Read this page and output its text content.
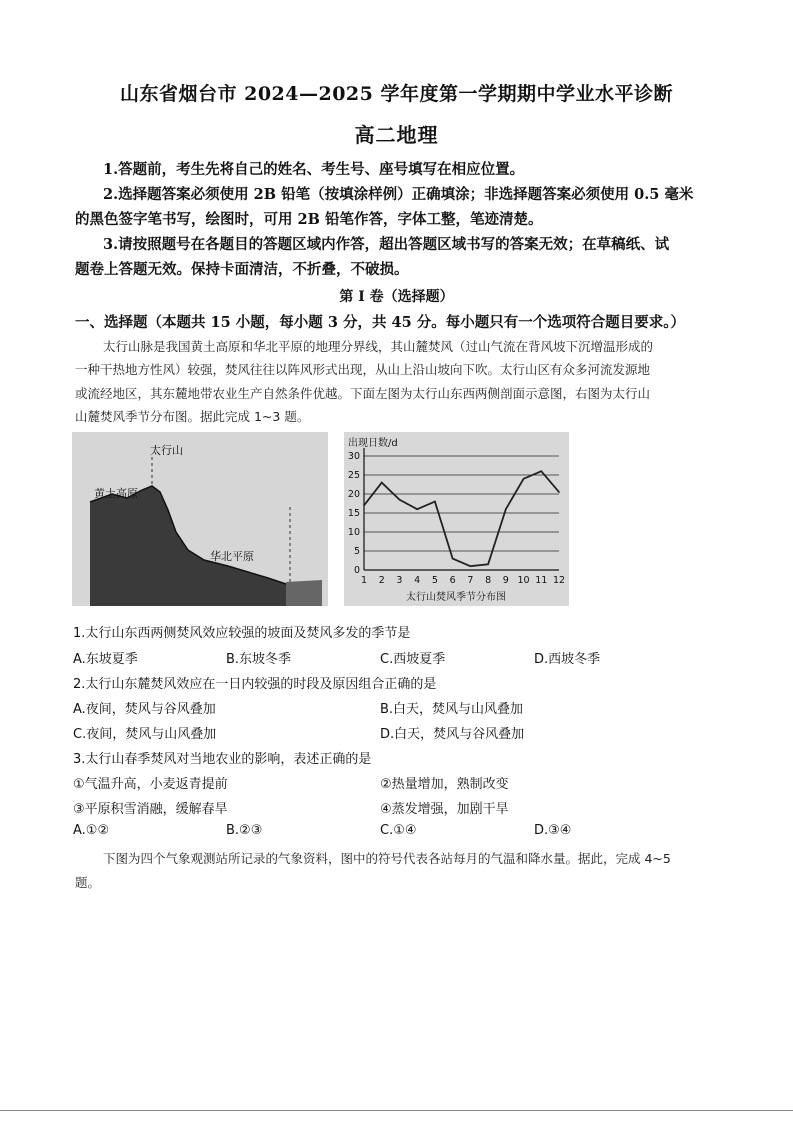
山东省烟台市 2024—2025 学年度第一学期期中学业水平诊断
高二地理
1.答题前，考生先将自己的姓名、考生号、座号填写在相应位置。
2.选择题答案必须使用 2B 铅笔（按填涂样例）正确填涂；非选择题答案必须使用 0.5 毫米
的黑色签字笔书写，绘图时，可用 2B 铅笔作答，字体工整，笔迹清楚。
3.请按照题号在各题目的答题区域内作答，超出答题区域书写的答案无效；在草稿纸、试
题卷上答题无效。保持卡面清洁，不折叠，不破损。
第 I 卷（选择题）
一、选择题（本题共 15 小题，每小题 3 分，共 45 分。每小题只有一个选项符合题目要求。）
太行山脉是我国黄土高原和华北平原的地理分界线，其山麓焚风（过山气流在背风坡下沉增温形成的
一种干热地方性风）较强，焚风往往以阵风形式出现，从山上沿山坡向下吹。太行山区有众多河流发源地
或流经地区，其东麓地带农业生产自然条件优越。下面左图为太行山东西两侧剖面示意图，右图为太行山
山麓焚风季节分布图。据此完成 1~3 题。
太行山
黄土高原
华北平原
0
5
10
15
20
25
30
1 2 3 4 5 6 7 8 9 10 11 12
出现日数/d
太行山焚风季节分布图
1.太行山东西两侧焚风效应较强的坡面及焚风多发的季节是
A.东坡夏季	B.东坡冬季	C.西坡夏季	D.西坡冬季
2.太行山东麓焚风效应在一日内较强的时段及原因组合正确的是
A.夜间，焚风与谷风叠加	B.白天，焚风与山风叠加
C.夜间，焚风与山风叠加	D.白天，焚风与谷风叠加
3.太行山春季焚风对当地农业的影响，表述正确的是
①气温升高，小麦返青提前	②热量增加，熟制改变
③平原积雪消融，缓解春旱	④蒸发增强，加剧干旱
A.①②	B.②③	C.①④	D.③④
下图为四个气象观测站所记录的气象资料，图中的符号代表各站每月的气温和降水量。据此，完成 4~5
题。
